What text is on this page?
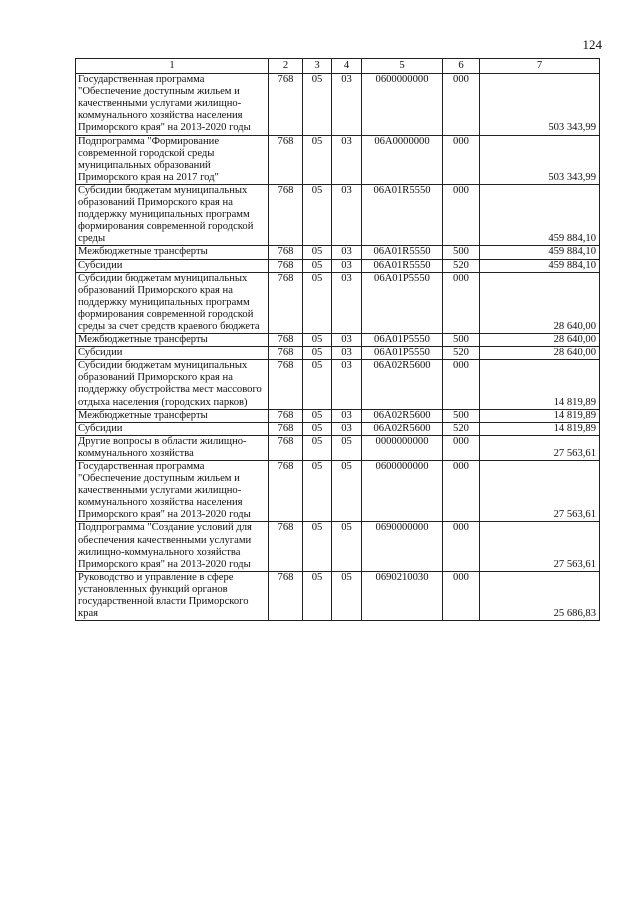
124
1	2	3	4	5	6	7
Государственная программа "Обеспечение доступным жильем и качественными услугами жилищно-коммунального хозяйства населения Приморского края" на 2013-2020 годы	768	05	03	0600000000	000	503 343,99
Подпрограмма "Формирование современной городской среды муниципальных образований Приморского края на 2017 год"	768	05	03	06А0000000	000	503 343,99
Субсидии бюджетам муниципальных образований Приморского края на поддержку муниципальных программ формирования современной городской среды	768	05	03	06А01R5550	000	459 884,10
Межбюджетные трансферты	768	05	03	06А01R5550	500	459 884,10
Субсидии	768	05	03	06А01R5550	520	459 884,10
Субсидии бюджетам муниципальных образований Приморского края на поддержку муниципальных программ формирования современной городской среды за счет средств краевого бюджета	768	05	03	06А01Р5550	000	28 640,00
Межбюджетные трансферты	768	05	03	06А01Р5550	500	28 640,00
Субсидии	768	05	03	06А01Р5550	520	28 640,00
Субсидии бюджетам муниципальных образований Приморского края на поддержку обустройства мест массового отдыха населения (городских парков)	768	05	03	06А02R5600	000	14 819,89
Межбюджетные трансферты	768	05	03	06А02R5600	500	14 819,89
Субсидии	768	05	03	06А02R5600	520	14 819,89
Другие вопросы в области жилищно-коммунального хозяйства	768	05	05	0000000000	000	27 563,61
Государственная программа "Обеспечение доступным жильем и качественными услугами жилищно-коммунального хозяйства населения Приморского края" на 2013-2020 годы	768	05	05	0600000000	000	27 563,61
Подпрограмма "Создание условий для обеспечения качественными услугами жилищно-коммунального хозяйства Приморского края" на 2013-2020 годы	768	05	05	0690000000	000	27 563,61
Руководство и управление в сфере установленных функций органов государственной власти Приморского края	768	05	05	0690210030	000	25 686,83
